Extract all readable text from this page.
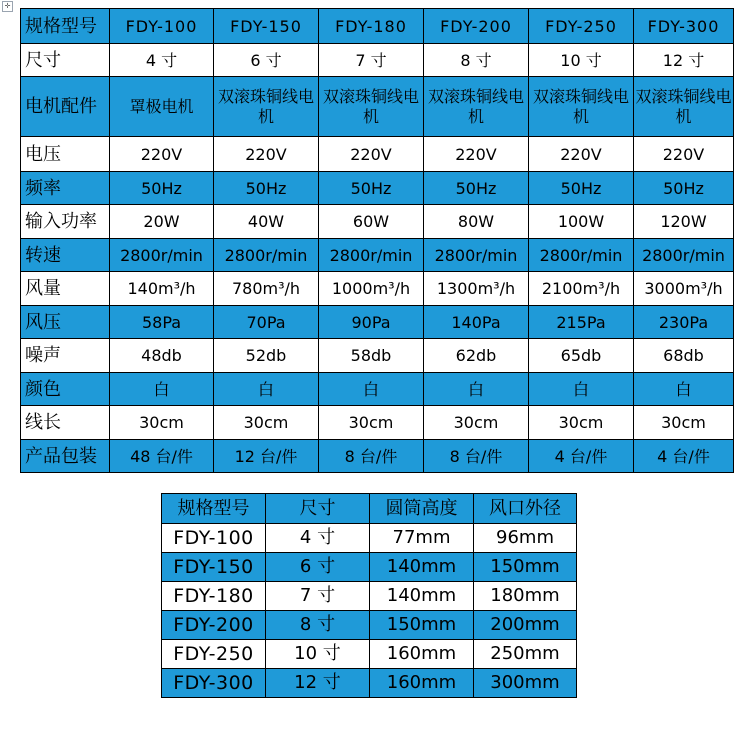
✛
规格型号	FDY-100	FDY-150	FDY-180	FDY-200	FDY-250	FDY-300
尺寸	4 寸	6 寸	7 寸	8 寸	10 寸	12 寸
电机配件	罩极电机	双滚珠铜线电机	双滚珠铜线电机	双滚珠铜线电机	双滚珠铜线电机	双滚珠铜线电机
电压	220V	220V	220V	220V	220V	220V
频率	50Hz	50Hz	50Hz	50Hz	50Hz	50Hz
输入功率	20W	40W	60W	80W	100W	120W
转速	2800r/min	2800r/min	2800r/min	2800r/min	2800r/min	2800r/min
风量	140m³/h	780m³/h	1000m³/h	1300m³/h	2100m³/h	3000m³/h
风压	58Pa	70Pa	90Pa	140Pa	215Pa	230Pa
噪声	48db	52db	58db	62db	65db	68db
颜色	白	白	白	白	白	白
线长	30cm	30cm	30cm	30cm	30cm	30cm
产品包装	48 台/件	12 台/件	8 台/件	8 台/件	4 台/件	4 台/件
规格型号	尺寸	圆筒高度	风口外径
FDY-100	4 寸	77mm	96mm
FDY-150	6 寸	140mm	150mm
FDY-180	7 寸	140mm	180mm
FDY-200	8 寸	150mm	200mm
FDY-250	10 寸	160mm	250mm
FDY-300	12 寸	160mm	300mm
